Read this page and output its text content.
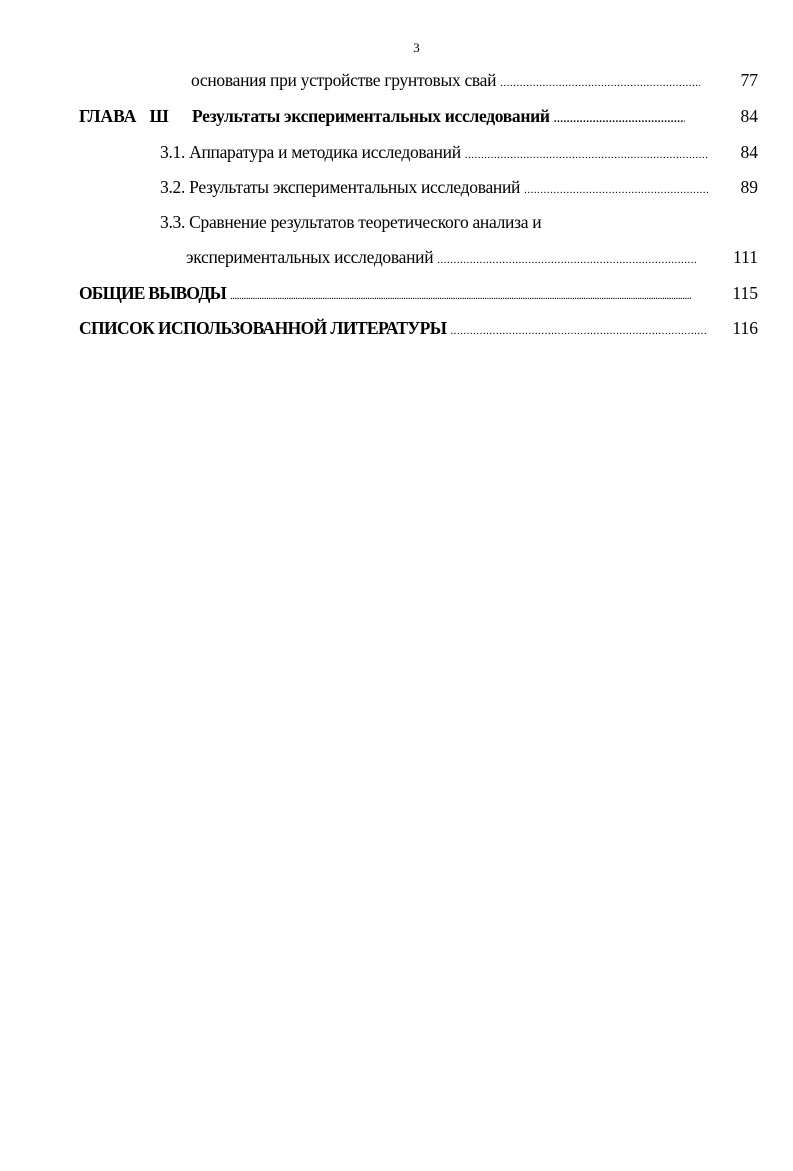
3
основания при устройстве грунтовых свай .....	77
ГЛАВА   Ш Результаты экспериментальных исследований .....	84
3.1. Аппаратура и методика исследований .....	84
3.2. Результаты экспериментальных исследований .....	89
3.3. Сравнение результатов теоретического анализа и
экспериментальных исследований .....	111
ОБЩИЕ ВЫВОДЫ .....	115
СПИСОК ИСПОЛЬЗОВАННОЙ ЛИТЕРАТУРЫ .....	116
